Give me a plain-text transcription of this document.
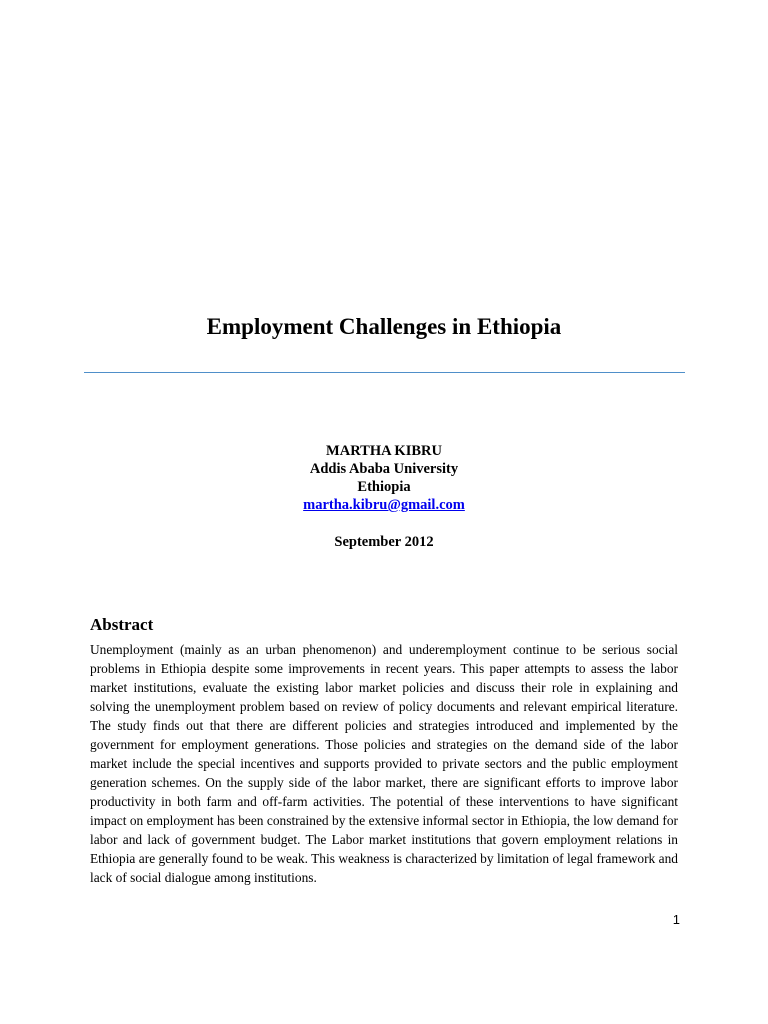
Employment Challenges in Ethiopia
MARTHA KIBRU
Addis Ababa University
Ethiopia
martha.kibru@gmail.com
September 2012
Abstract

Unemployment (mainly as an urban phenomenon) and underemployment continue to be serious social problems in Ethiopia despite some improvements in recent years. This paper attempts to assess the labor market institutions, evaluate the existing labor market policies and discuss their role in explaining and solving the unemployment problem based on review of policy documents and relevant empirical literature. The study finds out that there are different policies and strategies introduced and implemented by the government for employment generations. Those policies and strategies on the demand side of the labor market include the special incentives and supports provided to private sectors and the public employment generation schemes. On the supply side of the labor market, there are significant efforts to improve labor productivity in both farm and off-farm activities. The potential of these interventions to have significant impact on employment has been constrained by the extensive informal sector in Ethiopia, the low demand for labor and lack of government budget. The Labor market institutions that govern employment relations in Ethiopia are generally found to be weak. This weakness is characterized by limitation of legal framework and lack of social dialogue among institutions.

1
